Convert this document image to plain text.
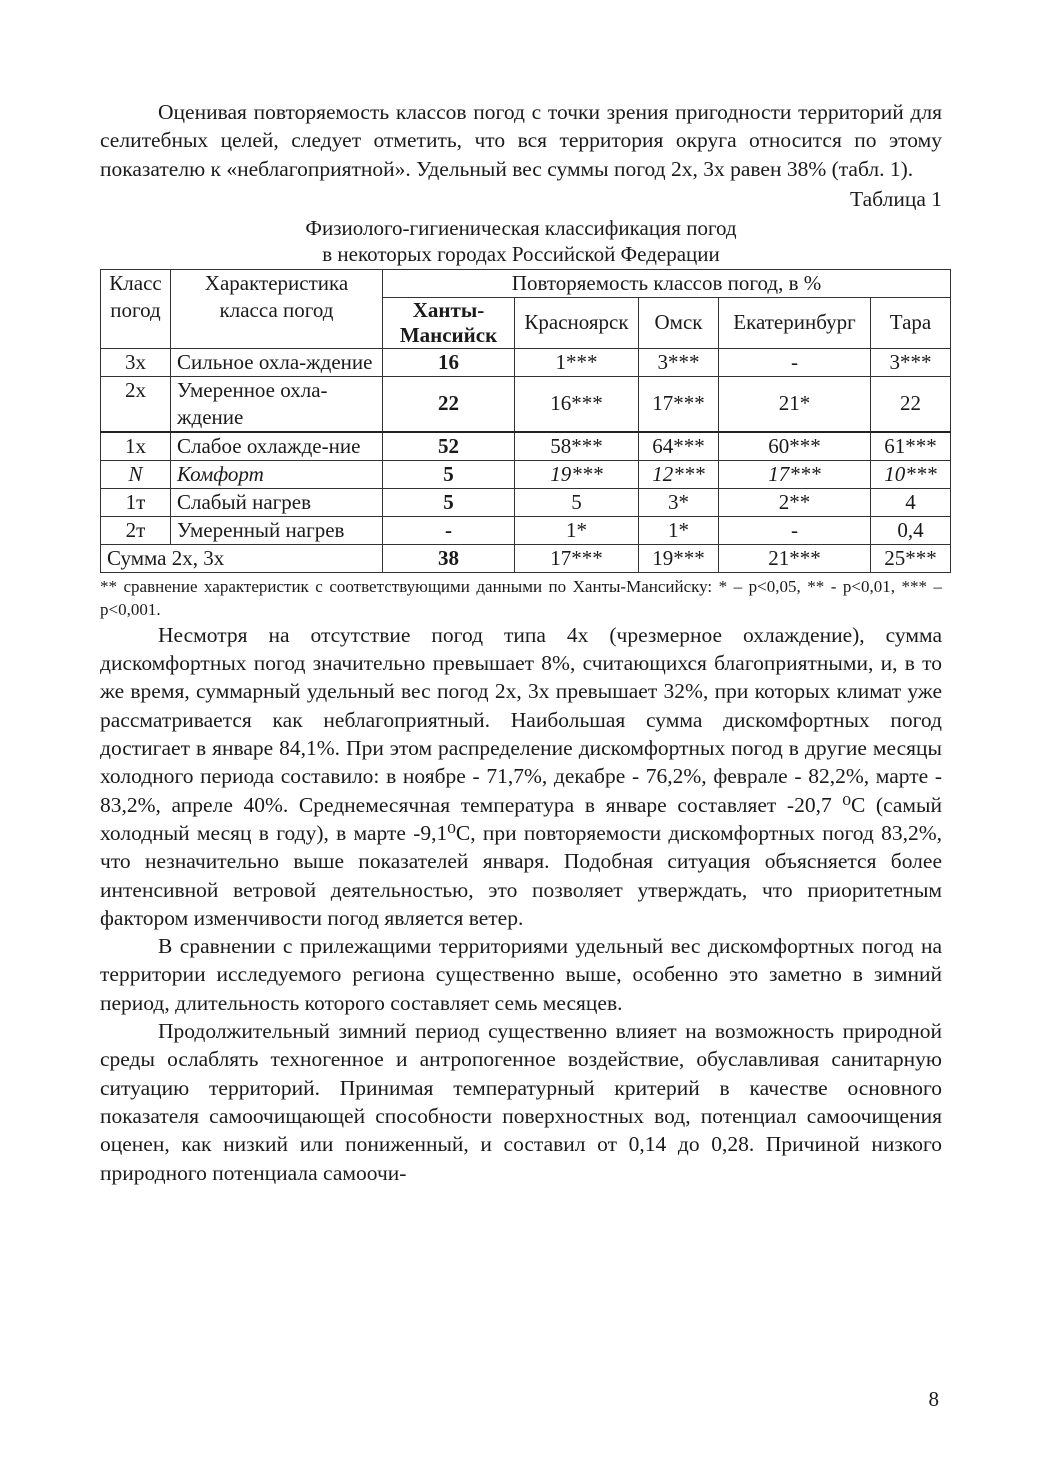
Оценивая повторяемость классов погод с точки зрения пригодности территорий для селитебных целей, следует отметить, что вся территория округа относится по этому показателю к «неблагоприятной». Удельный вес суммы погод 2х, 3х равен 38% (табл. 1).

Таблица 1
Физиолого-гигиеническая классификация погод
в некоторых городах Российской Федерации
Класс погод	Характеристика класса погод	Повторяемость классов погод, в %				
		Ханты-Мансийск	Красноярск	Омск	Екатеринбург	Тара
3х	Сильное охла-ждение	16	1***	3***	-	3***
2х	Умеренное охла-ждение	22	16***	17***	21*	22
1х	Слабое охлажде-ние	52	58***	64***	60***	61***
N	Комфорт	5	19***	12***	17***	10***
1т	Слабый нагрев	5	5	3*	2**	4
2т	Умеренный нагрев	-	1*	1*	-	0,4
Сумма 2х, 3х		38	17***	19***	21***	25***
** сравнение характеристик с соответствующими данными по Ханты-Мансийску: * – р<0,05, ** - р<0,01, *** – р<0,001.

Несмотря на отсутствие погод типа 4х (чрезмерное охлаждение), сумма дискомфортных погод значительно превышает 8%, считающихся благоприятными, и, в то же время, суммарный удельный вес погод 2х, 3х превышает 32%, при которых климат уже рассматривается как неблагоприятный. Наибольшая сумма дискомфортных погод достигает в январе 84,1%. При этом распределение дискомфортных погод в другие месяцы холодного периода составило: в ноябре - 71,7%, декабре - 76,2%, феврале - 82,2%, марте - 83,2%, апреле 40%. Среднемесячная температура в январе составляет -20,7 ⁰С (самый холодный месяц в году), в марте -9,1⁰С, при повторяемости дискомфортных погод 83,2%, что незначительно выше показателей января. Подобная ситуация объясняется более интенсивной ветровой деятельностью, это позволяет утверждать, что приоритетным фактором изменчивости погод является ветер.

В сравнении с прилежащими территориями удельный вес дискомфортных погод на территории исследуемого региона существенно выше, особенно это заметно в зимний период, длительность которого составляет семь месяцев.

Продолжительный зимний период существенно влияет на возможность природной среды ослаблять техногенное и антропогенное воздействие, обуславливая санитарную ситуацию территорий. Принимая температурный критерий в качестве основного показателя самоочищающей способности поверхностных вод, потенциал самоочищения оценен, как низкий или пониженный, и составил от 0,14 до 0,28. Причиной низкого природного потенциала самоочи-

8
